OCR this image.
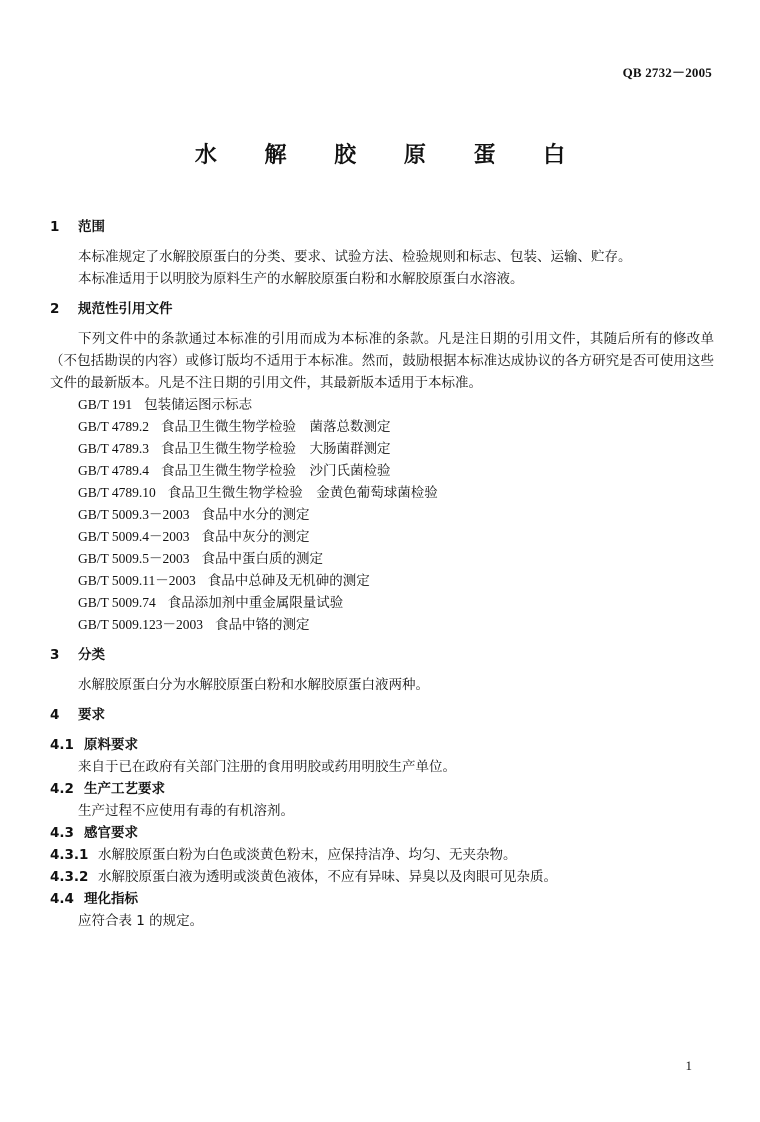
QB 2732－2005
水 解 胶 原 蛋 白
1 范围
本标准规定了水解胶原蛋白的分类、要求、试验方法、检验规则和标志、包装、运输、贮存。
本标准适用于以明胶为原料生产的水解胶原蛋白粉和水解胶原蛋白水溶液。
2 规范性引用文件
下列文件中的条款通过本标准的引用而成为本标准的条款。凡是注日期的引用文件，其随后所有的修改单（不包括勘误的内容）或修订版均不适用于本标准。然而，鼓励根据本标准达成协议的各方研究是否可使用这些文件的最新版本。凡是不注日期的引用文件，其最新版本适用于本标准。
GB/T 191 包装储运图示标志
GB/T 4789.2 食品卫生微生物学检验　菌落总数测定
GB/T 4789.3 食品卫生微生物学检验　大肠菌群测定
GB/T 4789.4 食品卫生微生物学检验　沙门氏菌检验
GB/T 4789.10 食品卫生微生物学检验　金黄色葡萄球菌检验
GB/T 5009.3－2003 食品中水分的测定
GB/T 5009.4－2003 食品中灰分的测定
GB/T 5009.5－2003 食品中蛋白质的测定
GB/T 5009.11－2003 食品中总砷及无机砷的测定
GB/T 5009.74 食品添加剂中重金属限量试验
GB/T 5009.123－2003 食品中铬的测定
3 分类
水解胶原蛋白分为水解胶原蛋白粉和水解胶原蛋白液两种。
4 要求
4.1 原料要求
来自于已在政府有关部门注册的食用明胶或药用明胶生产单位。
4.2 生产工艺要求
生产过程不应使用有毒的有机溶剂。
4.3 感官要求
4.3.1 水解胶原蛋白粉为白色或淡黄色粉末，应保持洁净、均匀、无夹杂物。
4.3.2 水解胶原蛋白液为透明或淡黄色液体，不应有异味、异臭以及肉眼可见杂质。
4.4 理化指标
应符合表 1 的规定。
1
